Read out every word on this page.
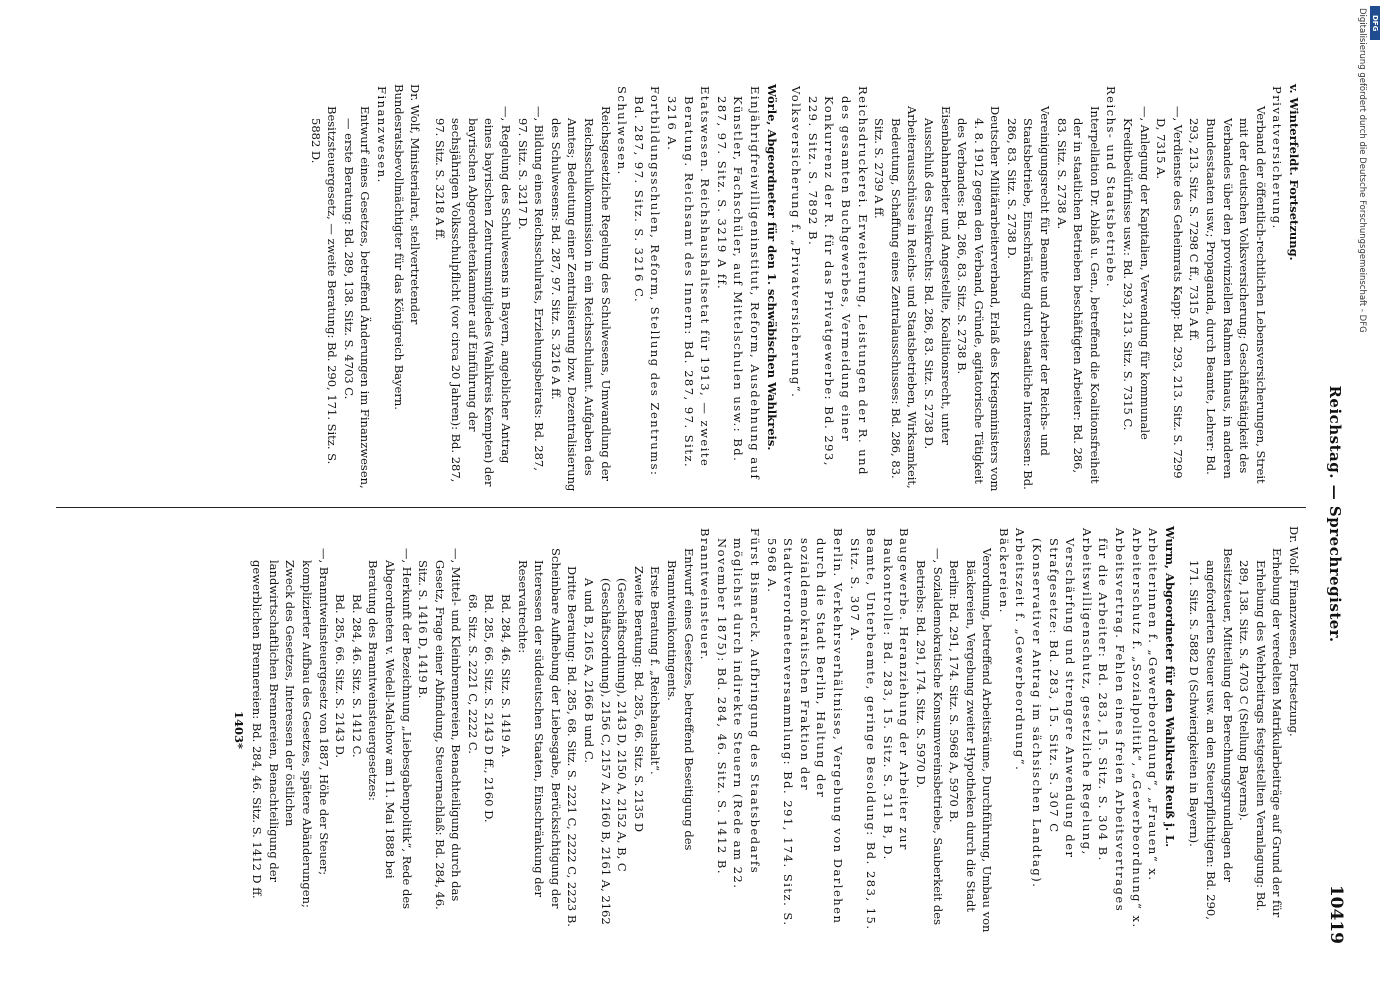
DFG
Digitalisierung gefördert durch die Deutsche Forschungsgemeinschaft - DFG
Reichstag. — Sprechregister.
10419
v. Winterfeldt. Fortsetzung.
Privatversicherung.
Verband der öffentlich-rechtlichen Lebensversicherungen, Streit mit der deutschen Volksversicherung; Geschäftstätigkeit des Verbandes über den provinziellen Rahmen hinaus, in anderen Bundesstaaten usw.; Propaganda, durch Beamte, Lehrer: Bd. 293, 213. Sitz. S. 7298 C ff., 7315 A ff.
—, Verdienste des Geheimrats Kapp: Bd. 293, 213. Sitz. S. 7299 D, 7315 A.
—, Anlegung der Kapitalien, Verwendung für kommunale Kreditbedürfnisse usw.: Bd. 293, 213. Sitz. S. 7315 C.
Reichs- und Staatsbetriebe.
Interpellation Dr. Ablaß u. Gen., betreffend die Koalitionsfreiheit der in staatlichen Betrieben beschäftigten Arbeiter: Bd. 286, 83. Sitz. S. 2738 A.
Vereinigungsrecht für Beamte und Arbeiter der Reichs- und Staatsbetriebe, Einschränkung durch staatliche Interessen: Bd. 286, 83. Sitz. S. 2738 D.
Deutscher Militärarbeiterverband, Erlaß des Kriegsministers vom 4. 8. 1912 gegen den Verband, Gründe, agitatorische Tätigkeit des Verbandes: Bd. 286, 83. Sitz. S. 2738 B.
Eisenbahnarbeiter und Angestellte, Koalitionsrecht, unter Ausschluß des Streikrechts: Bd. 286, 83. Sitz. S. 2738 D.
Arbeiterausschüsse in Reichs- und Staatsbetrieben, Wirksamkeit, Bedeutung, Schaffung eines Zentralausschusses: Bd. 286, 83. Sitz. S. 2739 A ff.
Reichsdruckerei. Erweiterung, Leistungen der R. und des gesamten Buchgewerbes, Vermeidung einer Konkurrenz der R. für das Privatgewerbe: Bd. 293, 229. Sitz. S. 7892 B.
Volksversicherung f. „Privatversicherung“.
Wörle, Abgeordneter für den 1. schwäbischen Wahlkreis.
Einjährigfreiwilligeninstitut, Reform, Ausdehnung auf Künstler, Fachschüler, auf Mittelschulen usw.: Bd. 287, 97. Sitz. S. 3219 A ff.
Etatswesen. Reichshaushaltsetat für 1913, — zweite Beratung. Reichsamt des Innern: Bd. 287, 97. Sitz. 3216 A.
Fortbildungsschulen, Reform, Stellung des Zentrums: Bd. 287, 97. Sitz. S. 3216 C.
Schulwesen.
Reichsgesetzliche Regelung des Schulwesens, Umwandlung der Reichsschulkommission in ein Reichsschulamt. Aufgaben des Amtes; Bedeutung einer Zentralisierung bzw. Dezentralisierung des Schulwesens: Bd. 287, 97. Sitz. S. 3216 A ff.
—, Bildung eines Reichsschulrats, Erziehungsbeirats: Bd. 287, 97. Sitz. S. 3217 D.
—, Regelung des Schulwesens in Bayern, angeblicher Antrag eines bayrischen Zentrumsmitgliedes (Wahlkreis Kempten) der bayrischen Abgeordnetenkammer auf Einführung der sechsjährigen Volksschulpflicht (vor circa 20 Jahren): Bd. 287, 97. Sitz. S. 3218 A ff.
Dr. Wolf, Ministerialrat, stellvertretender Bundesratsbevollmächtigter für das Königreich Bayern.
Finanzwesen.
Entwurf eines Gesetzes, betreffend Änderungen im Finanzwesen, — erste Beratung: Bd. 289, 138. Sitz. S. 4703 C.
Besitzsteuergesetz, — zweite Beratung: Bd. 290, 171. Sitz. S. 5882 D.
Dr. Wolf. Finanzwesen, Fortsetzung.
Erhebung der veredelten Matrikularbeiträge auf Grund der für Erhebung des Wehrbeitrags festgestellten Veranlagung: Bd. 289, 138. Sitz. S. 4703 C (Stellung Bayerns).
Besitzsteuer, Mitteilung der Berechnungsgrundlagen der angeforderten Steuer usw. an den Steuerpflichtigen: Bd. 290, 171. Sitz. S. 5882 D (Schwierigkeiten in Bayern).
Wurm, Abgeordneter für den Wahlkreis Reuß j. L.
Arbeiterinnen f. „Gewerbeordnung“, „Frauen“ x.
Arbeiterschutz f. „Sozialpolitik“, „Gewerbeordnung“ x.
Arbeitsvertrag. Fehlen eines freien Arbeitsvertrages für die Arbeiter: Bd. 283, 15. Sitz. S. 304 B.
Arbeitswilligenschutz, gesetzliche Regelung, Verschärfung und strengere Anwendung der Strafgesetze: Bd. 283, 15. Sitz. S. 307 C (Konservativer Antrag im sächsischen Landtag).
Arbeitszeit f. „Gewerbeordnung“.
Bäckereien.
Verordnung, betreffend Arbeitsräume, Durchführung, Umbau von Bäckereien, Vergebung zweiter Hypotheken durch die Stadt Berlin: Bd. 291, 174. Sitz. S. 5968 A, 5970 B.
—, Sozialdemokratische Konsumvereinsbetriebe, Sauberkeit des Betriebs: Bd. 291, 174. Sitz. S. 5970 D.
Baugewerbe. Heranziehung der Arbeiter zur Baukontrolle: Bd. 283, 15. Sitz. S. 311 B, D.
Beamte, Unterbeamte, geringe Besoldung: Bd. 283, 15. Sitz. S. 307 A.
Berlin. Verkehrsverhältnisse, Vergebung von Darlehen durch die Stadt Berlin, Haltung der sozialdemokratischen Fraktion der Stadtverordnetenversammlung: Bd. 291, 174. Sitz. S. 5968 A.
Fürst Bismarck. Aufbringung des Staatsbedarfs möglichst durch indirekte Steuern (Rede am 22. November 1875): Bd. 284, 46. Sitz. S. 1412 B.
Branntweinsteuer.
Entwurf eines Gesetzes, betreffend Beseitigung des Branntweinkontingents.
Erste Beratung f. „Reichshaushalt“.
Zweite Beratung: Bd. 285, 66. Sitz. S. 2135 D (Geschäftsordnung), 2143 D, 2150 A, 2152 A, B, C (Geschäftsordnung), 2156 C, 2157 A, 2160 B, 2161 A, 2162 A und B, 2165 A, 2166 B und C.
Dritte Beratung: Bd. 285, 68. Sitz. S. 2221 C, 2222 C, 2223 B.
Scheinbare Aufhebung der Liebesgabe, Berücksichtigung der Interessen der süddeutschen Staaten, Einschränkung der Reservatrechte:
Bd. 284, 46. Sitz. S. 1419 A.
Bd. 285, 66. Sitz. S. 2143 D ff., 2160 D.
68. Sitz. S. 2221 C, 2222 C.
—, Mittel- und Kleinbrennereien, Benachteiligung durch das Gesetz, Frage einer Abfindung, Steuernachlaß: Bd. 284, 46. Sitz. S. 1416 D, 1419 B.
—, Herkunft der Bezeichnung „Liebesgabenpolitik“, Rede des Abgeordneten v. Wedell-Malchow am 11. Mai 1888 bei Beratung des Branntweinsteuergesetzes:
Bd. 284, 46. Sitz. S. 1412 C.
Bd. 285, 66. Sitz. S. 2143 D.
—, Branntweinsteuergesetz von 1887, Höhe der Steuer; komplizierter Aufbau des Gesetzes, spätere Abänderungen; Zweck des Gesetzes, Interessen der östlichen landwirtschaftlichen Brennereien, Benachteiligung der gewerblichen Brennereien: Bd. 284, 46. Sitz. S. 1412 D ff.
1403*
